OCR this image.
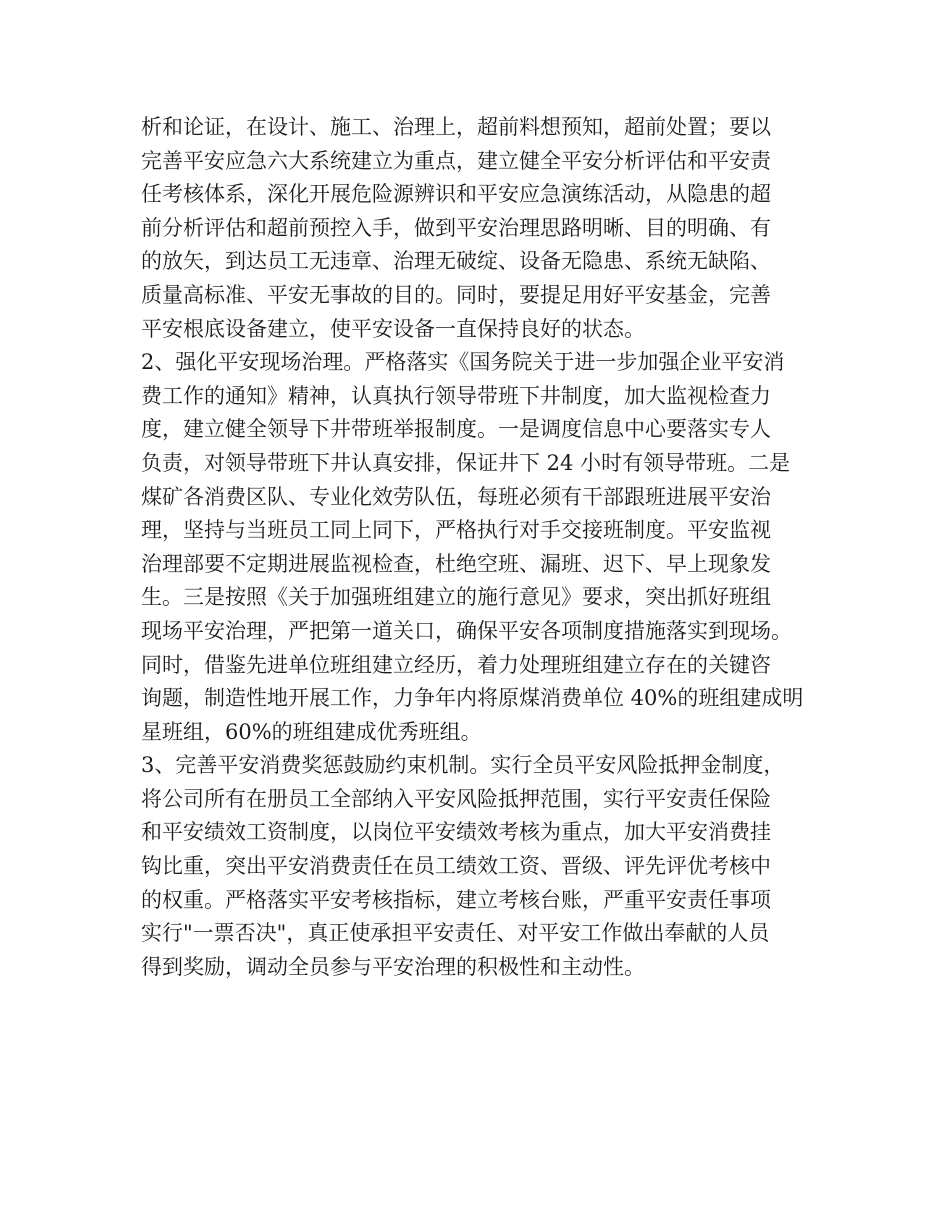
析和论证，在设计、施工、治理上，超前料想预知，超前处置；要以
完善平安应急六大系统建立为重点，建立健全平安分析评估和平安责
任考核体系，深化开展危险源辨识和平安应急演练活动，从隐患的超
前分析评估和超前预控入手，做到平安治理思路明晰、目的明确、有
的放矢，到达员工无违章、治理无破绽、设备无隐患、系统无缺陷、
质量高标准、平安无事故的目的。同时，要提足用好平安基金，完善
平安根底设备建立，使平安设备一直保持良好的状态。
2、强化平安现场治理。严格落实《国务院关于进一步加强企业平安消
费工作的通知》精神，认真执行领导带班下井制度，加大监视检查力
度，建立健全领导下井带班举报制度。一是调度信息中心要落实专人
负责，对领导带班下井认真安排，保证井下 24 小时有领导带班。二是
煤矿各消费区队、专业化效劳队伍，每班必须有干部跟班进展平安治
理，坚持与当班员工同上同下，严格执行对手交接班制度。平安监视
治理部要不定期进展监视检查，杜绝空班、漏班、迟下、早上现象发
生。三是按照《关于加强班组建立的施行意见》要求，突出抓好班组
现场平安治理，严把第一道关口，确保平安各项制度措施落实到现场。
同时，借鉴先进单位班组建立经历，着力处理班组建立存在的关键咨
询题，制造性地开展工作，力争年内将原煤消费单位 40%的班组建成明
星班组，60%的班组建成优秀班组。
3、完善平安消费奖惩鼓励约束机制。实行全员平安风险抵押金制度，
将公司所有在册员工全部纳入平安风险抵押范围，实行平安责任保险
和平安绩效工资制度，以岗位平安绩效考核为重点，加大平安消费挂
钩比重，突出平安消费责任在员工绩效工资、晋级、评先评优考核中
的权重。严格落实平安考核指标，建立考核台账，严重平安责任事项
实行"一票否决"，真正使承担平安责任、对平安工作做出奉献的人员
得到奖励，调动全员参与平安治理的积极性和主动性。
